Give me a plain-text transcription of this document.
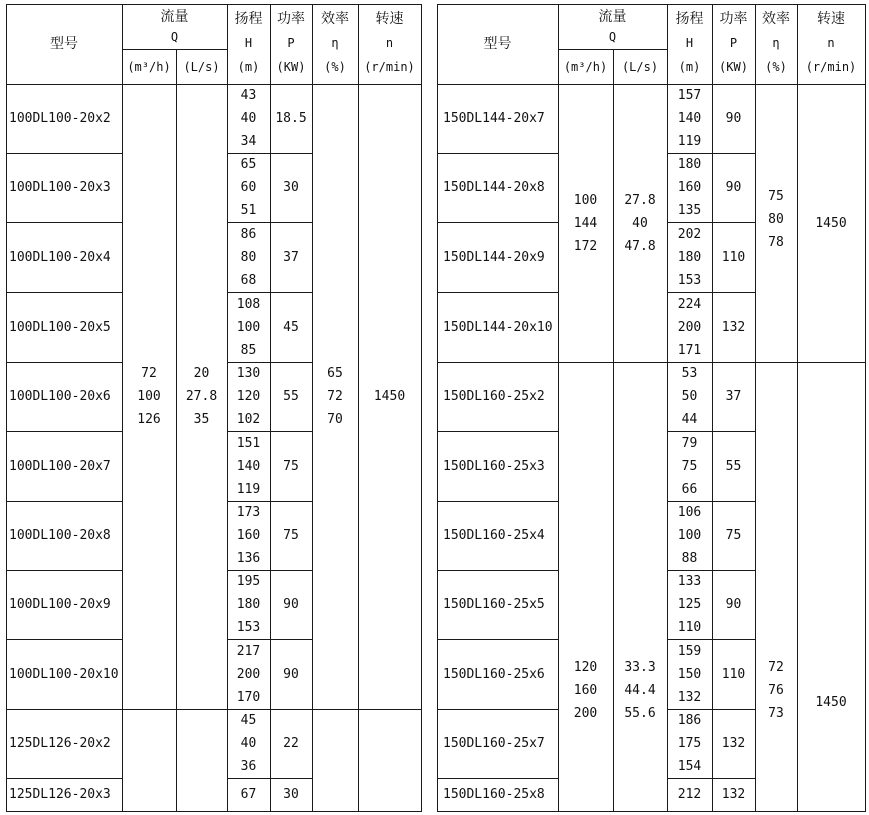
型号
流量
Q
(m³/h) (L/s)
扬程
H
(m)
功率
P
(KW)
效率
η
(%)
转速
n
(r/min)
型号
流量
Q
(m³/h) (L/s)
扬程
H
(m)
功率
P
(KW)
效率
η
(%)
转速
n
(r/min)
100DL100-20x2
43
40
34
18.5
100DL100-20x3
65
60
51
30
100DL100-20x4
86
80
68
37
100DL100-20x5
108
100
85
45
100DL100-20x6
130
120
102
55
100DL100-20x7
151
140
119
75
100DL100-20x8
173
160
136
75
100DL100-20x9
195
180
153
90
100DL100-20x10
217
200
170
90
125DL126-20x2
45
40
36
22
125DL126-20x3	67 30
72
100
126
20
27.8
35
65
72
70
1450
150DL144-20x7
157
140
119
90
150DL144-20x8
180
160
135
90
150DL144-20x9
202
180
153
110
150DL144-20x10
224
200
171
132
150DL160-25x2
53
50
44
37
150DL160-25x3
79
75
66
55
150DL160-25x4
106
100
88
75
150DL160-25x5
133
125
110
90
150DL160-25x6
159
150
132
110
150DL160-25x7
186
175
154
132
150DL160-25x8	212 132
100
144
172
27.8
40
47.8
75
80
78
1450
120
160
200
33.3
44.4
55.6
72
76
73
1450
